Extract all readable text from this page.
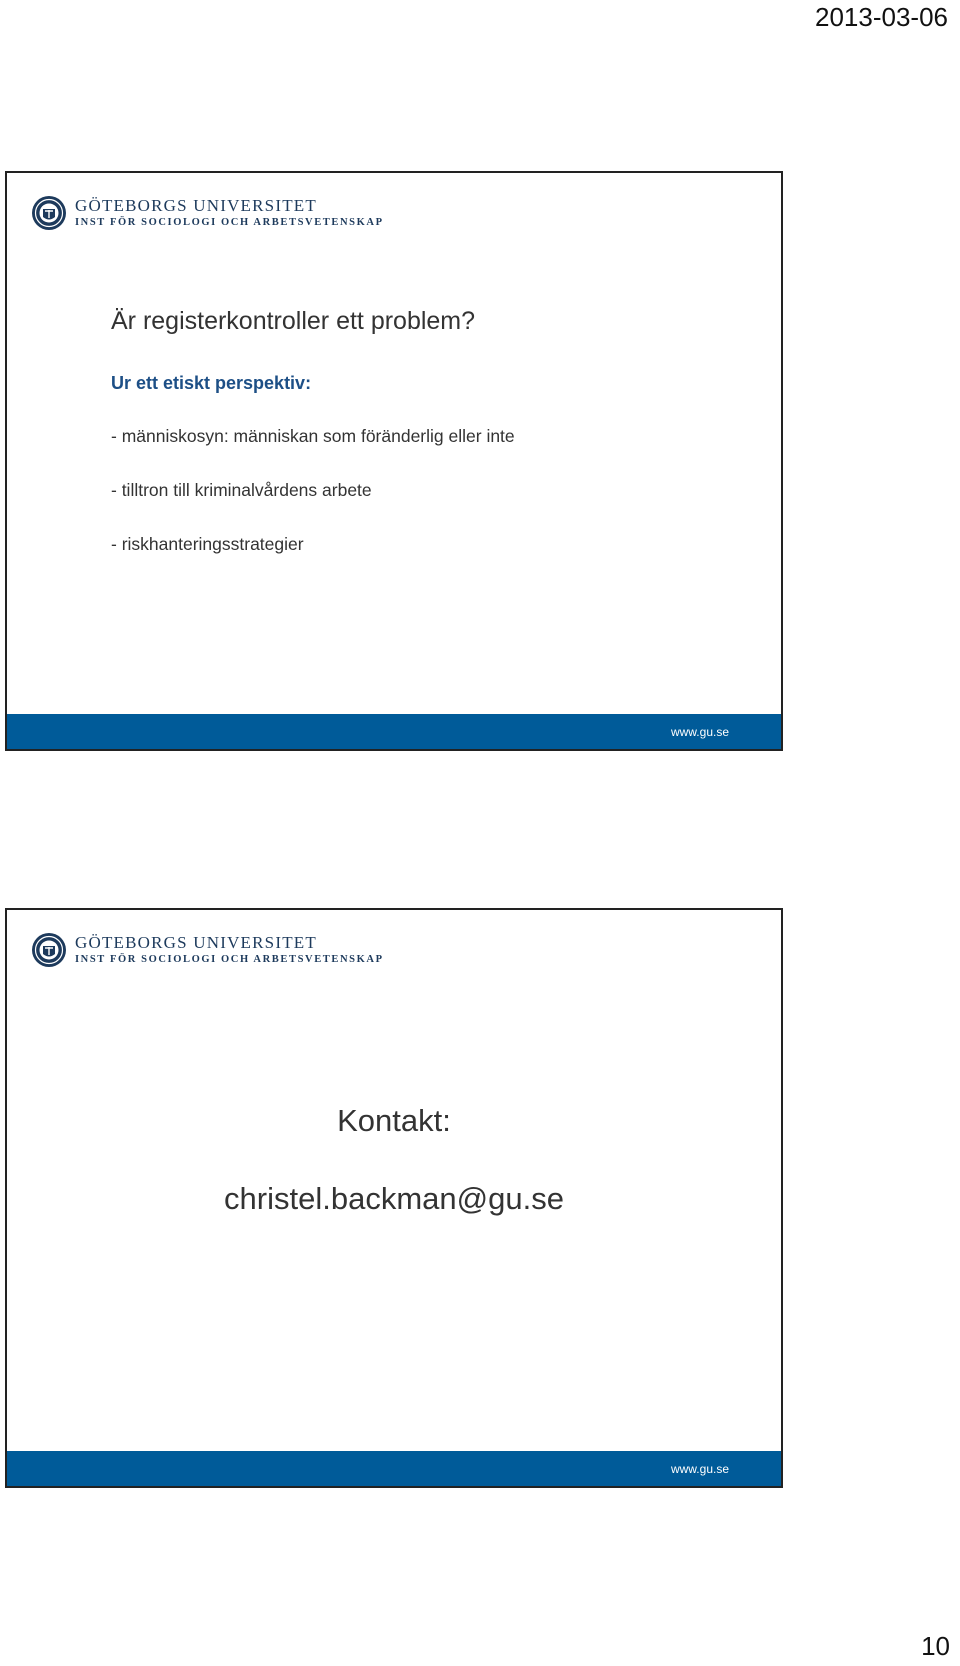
2013-03-06
GÖTEBORGS UNIVERSITET
INST FÖR SOCIOLOGI OCH ARBETSVETENSKAP
Är registerkontroller ett problem?
Ur ett etiskt perspektiv:
- människosyn: människan som föränderlig eller inte
- tilltron till kriminalvårdens arbete
- riskhanteringsstrategier
www.gu.se
GÖTEBORGS UNIVERSITET
INST FÖR SOCIOLOGI OCH ARBETSVETENSKAP
Kontakt:
christel.backman@gu.se
www.gu.se
10
